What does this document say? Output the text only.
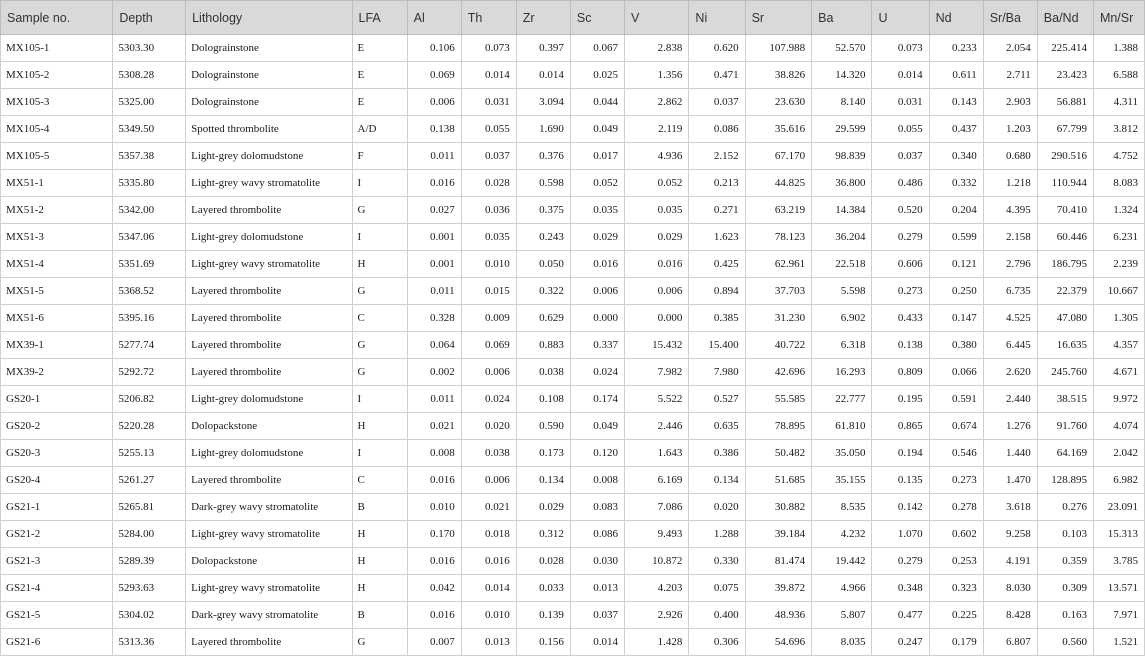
Sample no.	Depth	Lithology	LFA	Al	Th	Zr	Sc	V	Ni	Sr	Ba	U	Nd	Sr/Ba	Ba/Nd	Mn/Sr
MX105-1	5303.30	Dolograinstone	E	0.106	0.073	0.397	0.067	2.838	0.620	107.988	52.570	0.073	0.233	2.054	225.414	1.388
MX105-2	5308.28	Dolograinstone	E	0.069	0.014	0.014	0.025	1.356	0.471	38.826	14.320	0.014	0.611	2.711	23.423	6.588
MX105-3	5325.00	Dolograinstone	E	0.006	0.031	3.094	0.044	2.862	0.037	23.630	8.140	0.031	0.143	2.903	56.881	4.311
MX105-4	5349.50	Spotted thrombolite	A/D	0.138	0.055	1.690	0.049	2.119	0.086	35.616	29.599	0.055	0.437	1.203	67.799	3.812
MX105-5	5357.38	Light-grey dolomudstone	F	0.011	0.037	0.376	0.017	4.936	2.152	67.170	98.839	0.037	0.340	0.680	290.516	4.752
MX51-1	5335.80	Light-grey wavy stromatolite	I	0.016	0.028	0.598	0.052	0.052	0.213	44.825	36.800	0.486	0.332	1.218	110.944	8.083
MX51-2	5342.00	Layered thrombolite	G	0.027	0.036	0.375	0.035	0.035	0.271	63.219	14.384	0.520	0.204	4.395	70.410	1.324
MX51-3	5347.06	Light-grey dolomudstone	I	0.001	0.035	0.243	0.029	0.029	1.623	78.123	36.204	0.279	0.599	2.158	60.446	6.231
MX51-4	5351.69	Light-grey wavy stromatolite	H	0.001	0.010	0.050	0.016	0.016	0.425	62.961	22.518	0.606	0.121	2.796	186.795	2.239
MX51-5	5368.52	Layered thrombolite	G	0.011	0.015	0.322	0.006	0.006	0.894	37.703	5.598	0.273	0.250	6.735	22.379	10.667
MX51-6	5395.16	Layered thrombolite	C	0.328	0.009	0.629	0.000	0.000	0.385	31.230	6.902	0.433	0.147	4.525	47.080	1.305
MX39-1	5277.74	Layered thrombolite	G	0.064	0.069	0.883	0.337	15.432	15.400	40.722	6.318	0.138	0.380	6.445	16.635	4.357
MX39-2	5292.72	Layered thrombolite	G	0.002	0.006	0.038	0.024	7.982	7.980	42.696	16.293	0.809	0.066	2.620	245.760	4.671
GS20-1	5206.82	Light-grey dolomudstone	I	0.011	0.024	0.108	0.174	5.522	0.527	55.585	22.777	0.195	0.591	2.440	38.515	9.972
GS20-2	5220.28	Dolopackstone	H	0.021	0.020	0.590	0.049	2.446	0.635	78.895	61.810	0.865	0.674	1.276	91.760	4.074
GS20-3	5255.13	Light-grey dolomudstone	I	0.008	0.038	0.173	0.120	1.643	0.386	50.482	35.050	0.194	0.546	1.440	64.169	2.042
GS20-4	5261.27	Layered thrombolite	C	0.016	0.006	0.134	0.008	6.169	0.134	51.685	35.155	0.135	0.273	1.470	128.895	6.982
GS21-1	5265.81	Dark-grey wavy stromatolite	B	0.010	0.021	0.029	0.083	7.086	0.020	30.882	8.535	0.142	0.278	3.618	0.276	23.091
GS21-2	5284.00	Light-grey wavy stromatolite	H	0.170	0.018	0.312	0.086	9.493	1.288	39.184	4.232	1.070	0.602	9.258	0.103	15.313
GS21-3	5289.39	Dolopackstone	H	0.016	0.016	0.028	0.030	10.872	0.330	81.474	19.442	0.279	0.253	4.191	0.359	3.785
GS21-4	5293.63	Light-grey wavy stromatolite	H	0.042	0.014	0.033	0.013	4.203	0.075	39.872	4.966	0.348	0.323	8.030	0.309	13.571
GS21-5	5304.02	Dark-grey wavy stromatolite	B	0.016	0.010	0.139	0.037	2.926	0.400	48.936	5.807	0.477	0.225	8.428	0.163	7.971
GS21-6	5313.36	Layered thrombolite	G	0.007	0.013	0.156	0.014	1.428	0.306	54.696	8.035	0.247	0.179	6.807	0.560	1.521
